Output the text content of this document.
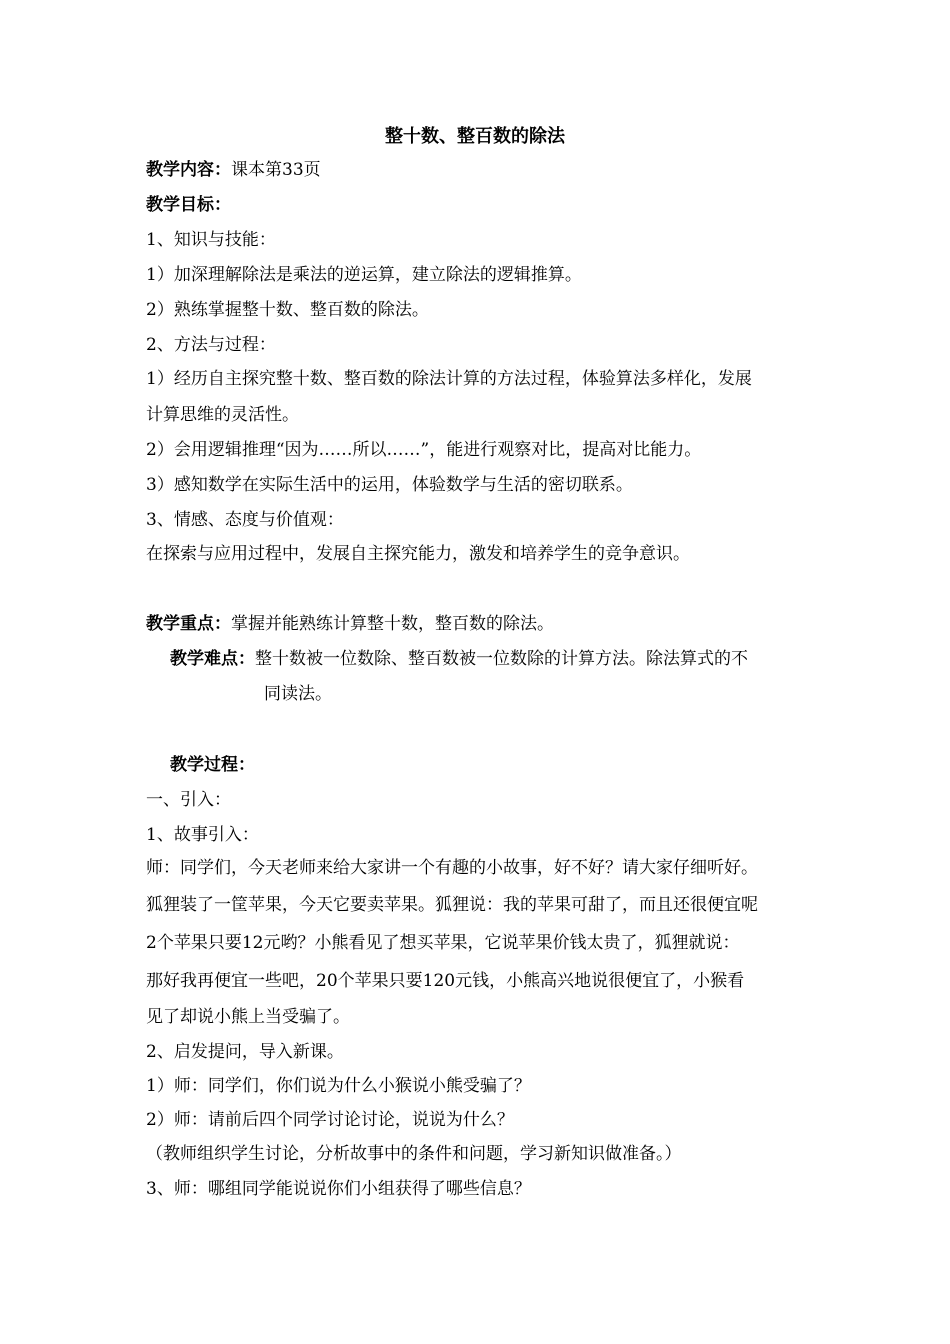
整十数、整百数的除法
教学内容：课本第33页
教学目标：
1、知识与技能：
1）加深理解除法是乘法的逆运算，建立除法的逻辑推算。
2）熟练掌握整十数、整百数的除法。
2、方法与过程：
1）经历自主探究整十数、整百数的除法计算的方法过程，体验算法多样化，发展
计算思维的灵活性。
2）会用逻辑推理“因为……所以……”，能进行观察对比，提高对比能力。
3）感知数学在实际生活中的运用，体验数学与生活的密切联系。
3、情感、态度与价值观：
在探索与应用过程中，发展自主探究能力，激发和培养学生的竞争意识。
教学重点：掌握并能熟练计算整十数，整百数的除法。
教学难点：整十数被一位数除、整百数被一位数除的计算方法。除法算式的不
同读法。
教学过程：
一、引入：
1、故事引入：
师：同学们，今天老师来给大家讲一个有趣的小故事，好不好？请大家仔细听好。
狐狸装了一筐苹果，今天它要卖苹果。狐狸说：我的苹果可甜了，而且还很便宜呢
2个苹果只要12元哟？小熊看见了想买苹果，它说苹果价钱太贵了，狐狸就说：
那好我再便宜一些吧，20个苹果只要120元钱，小熊高兴地说很便宜了，小猴看
见了却说小熊上当受骗了。
2、启发提问，导入新课。
1）师：同学们，你们说为什么小猴说小熊受骗了？
2）师：请前后四个同学讨论讨论，说说为什么？
（教师组织学生讨论，分析故事中的条件和问题，学习新知识做准备。）
3、师：哪组同学能说说你们小组获得了哪些信息？
